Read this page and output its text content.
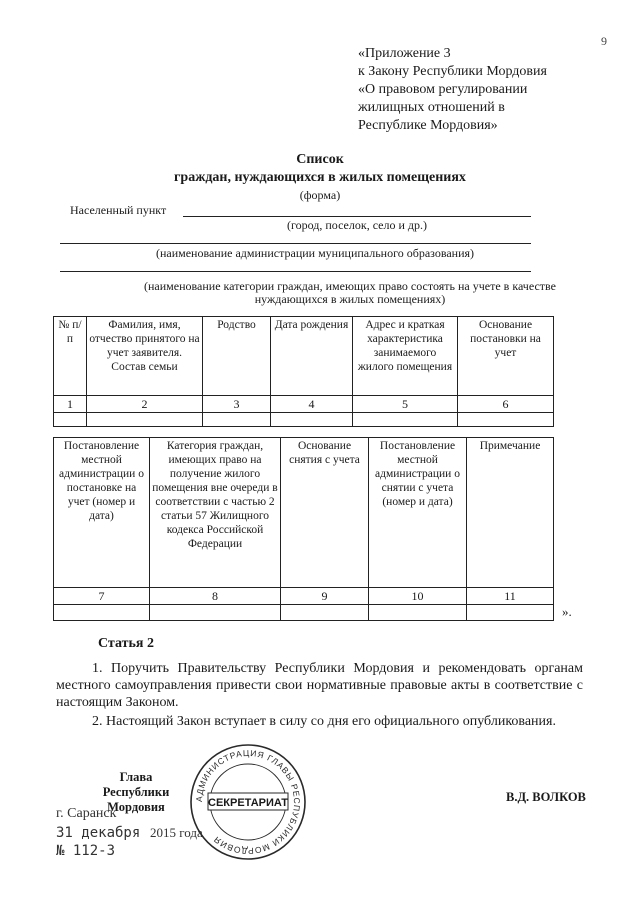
9
«Приложение 3
к Закону Республики Мордовия
«О правовом регулировании
жилищных отношений в
Республике Мордовия»
Список
граждан, нуждающихся в жилых помещениях
(форма)
Населенный пункт
(город, поселок, село и др.)
(наименование администрации муниципального образования)
(наименование категории граждан, имеющих право состоять на учете в качестве
нуждающихся в жилых помещениях)
№ п/п	Фамилия, имя, отчество принятого на учет заявителя. Состав семьи	Родство	Дата рождения	Адрес и краткая характеристика занимаемого жилого помещения	Основание постановки на учет
1	2	3	4	5	6

Постановление местной администрации о постановке на учет (номер и дата)	Категория граждан, имеющих право на получение жилого помещения вне очереди в соответствии с частью 2 статьи 57 Жилищного кодекса Российской Федерации	Основание снятия с учета	Постановление местной администрации о снятии с учета (номер и дата)	Примечание
7	8	9	10	11

».
Статья 2
1. Поручить Правительству Республики Мордовия и рекомендовать органам местного самоуправления привести свои нормативные правовые акты в соответствие с настоящим Законом.
2. Настоящий Закон вступает в силу со дня его официального опубликования.
Глава
Республики Мордовия
В.Д. ВОЛКОВ
г. Саранск
31 декабря 2015 года
№ 112-З
АДМИНИСТРАЦИЯ ГЛАВЫ РЕСПУБЛИКИ МОРДОВИЯ
СЕКРЕТАРИАТ
